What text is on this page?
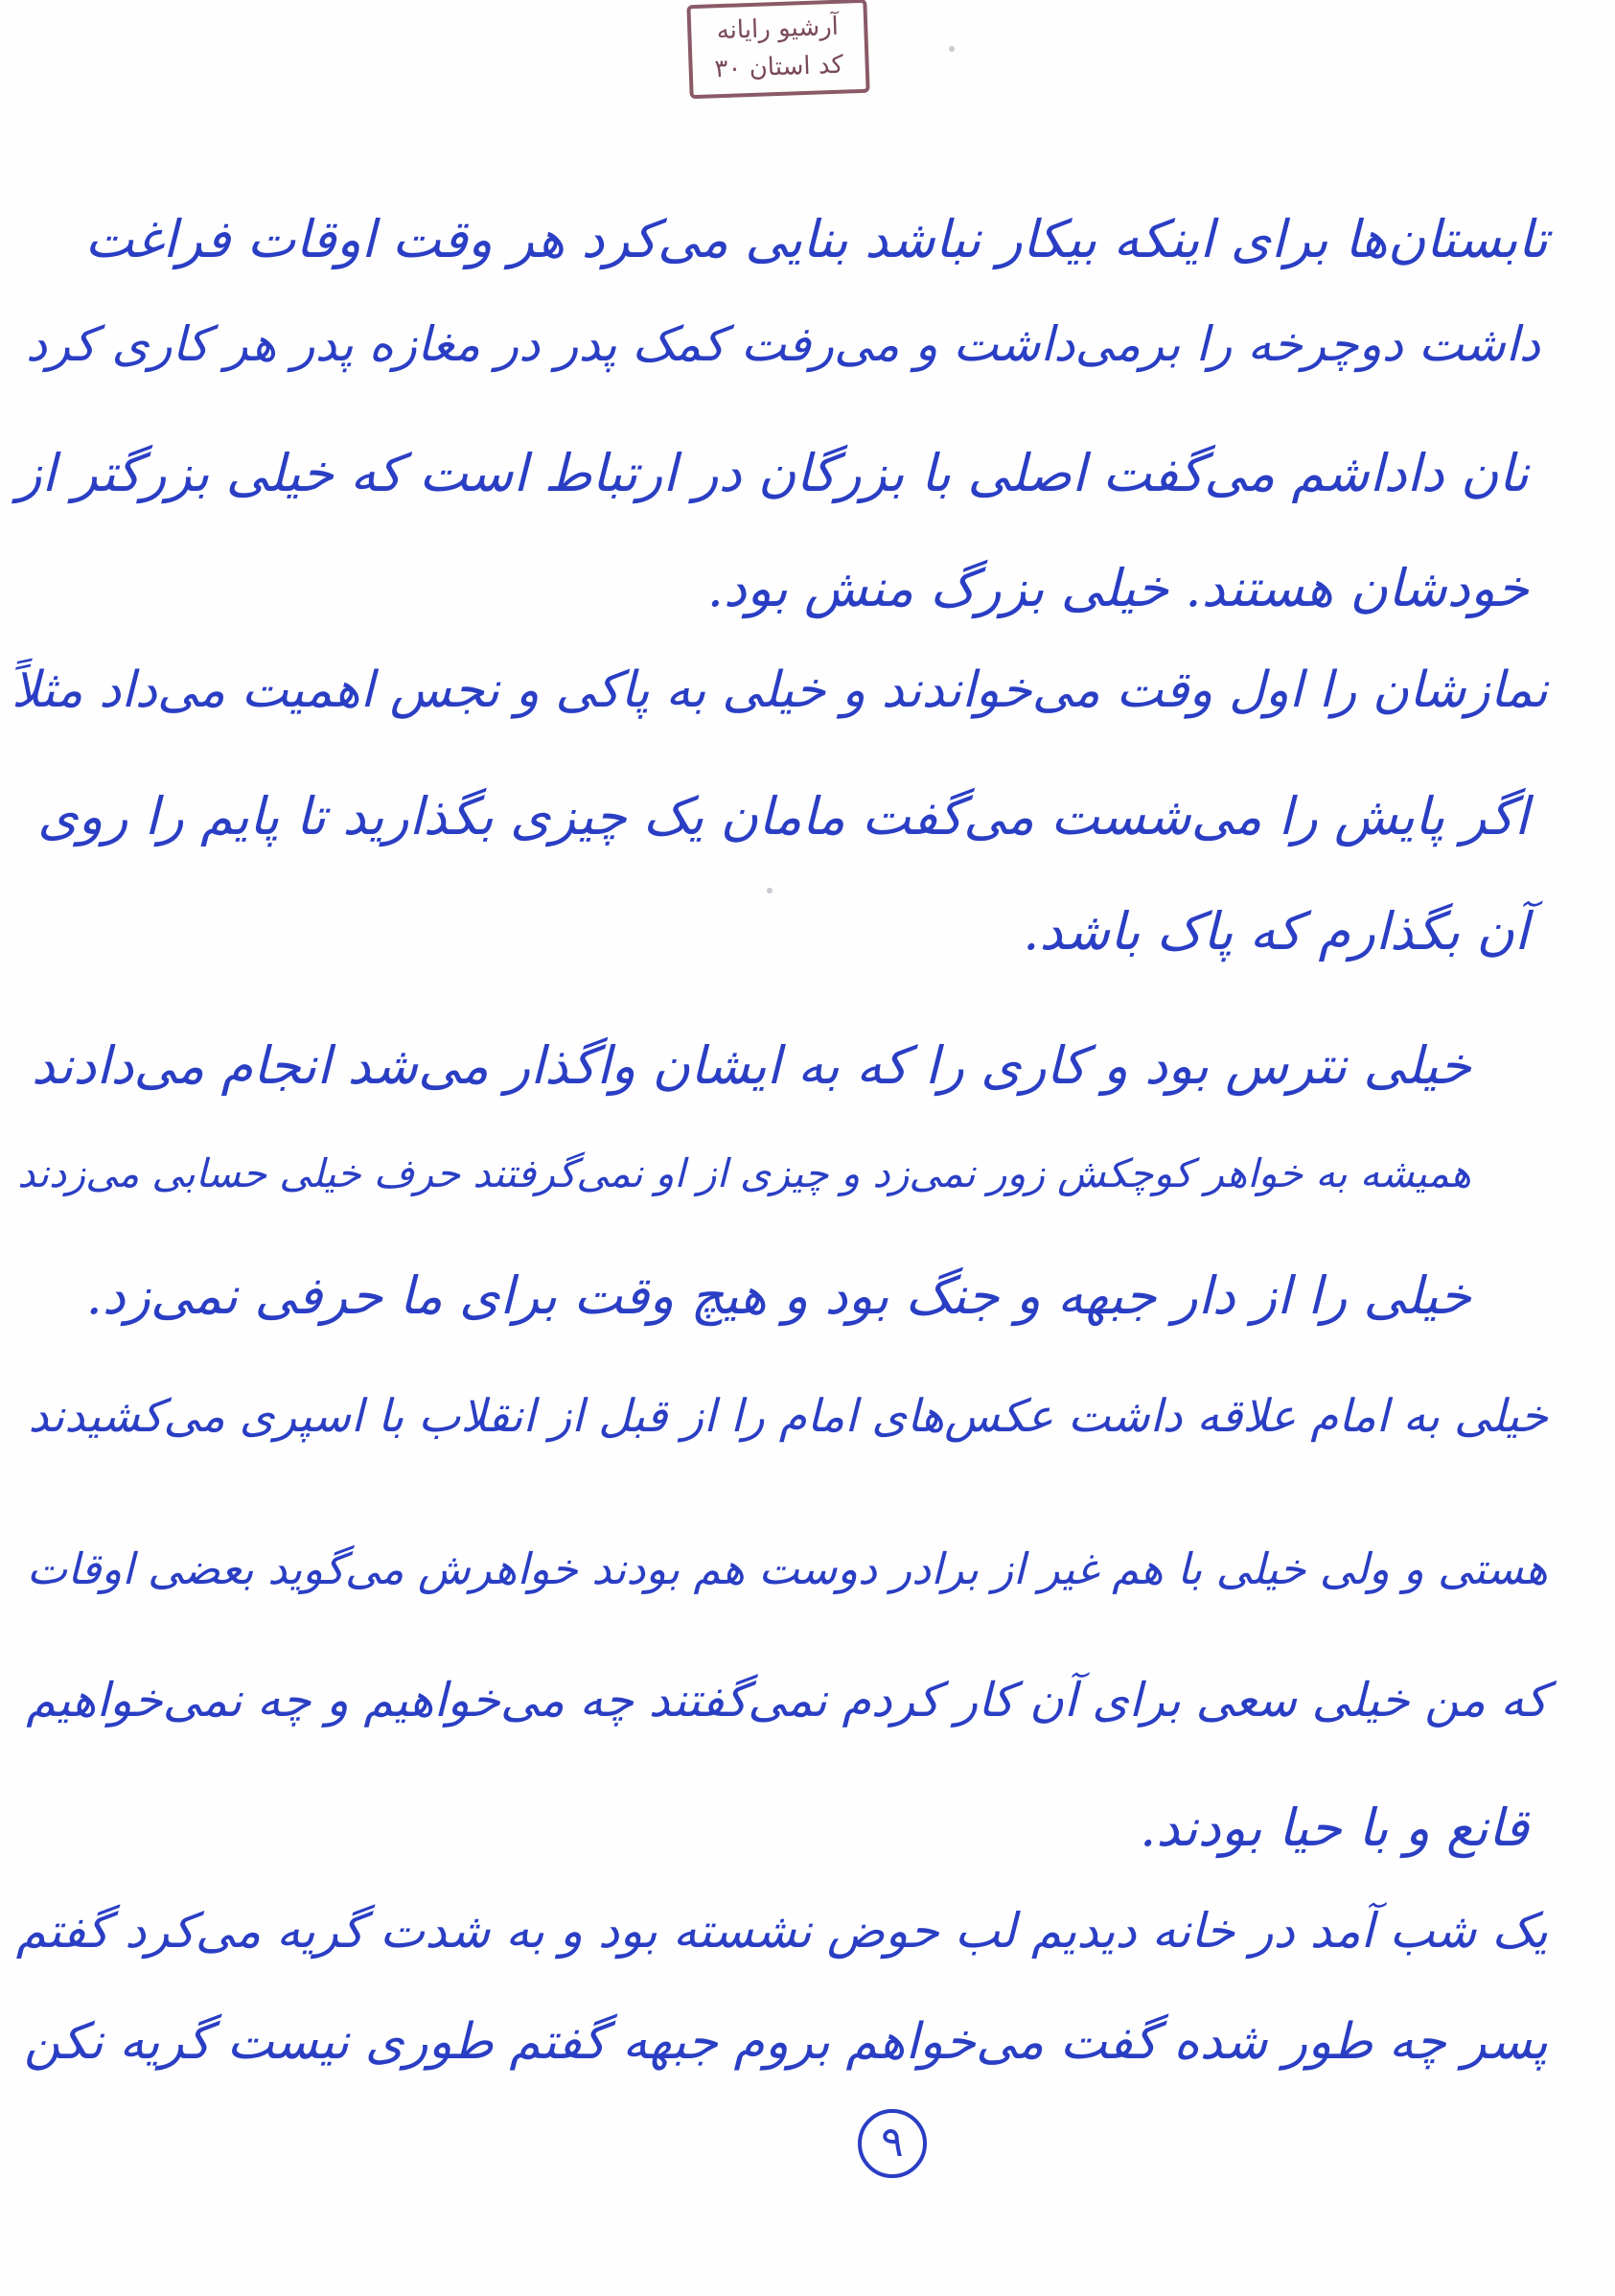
آرشیو رایانه
کد استان ۳۰
تابستان‌ها برای اینکه بیکار نباشد بنایی می‌کرد هر وقت اوقات فراغت
داشت دوچرخه را برمی‌داشت و می‌رفت کمک پدر در مغازه پدر هر کاری کرد
نان داداشم می‌گفت اصلی با بزرگان در ارتباط است که خیلی بزرگتر از
خودشان هستند. خیلی بزرگ منش بود.
نمازشان را اول وقت می‌خواندند و خیلی به پاکی و نجس اهمیت می‌داد مثلاً
اگر پایش را می‌شست می‌گفت مامان یک چیزی بگذارید تا پایم را روی
آن بگذارم که پاک باشد.
خیلی نترس بود و کاری را که به ایشان واگذار می‌شد انجام می‌دادند
همیشه به خواهر کوچکش زور نمی‌زد و چیزی از او نمی‌گرفتند حرف خیلی حسابی می‌زدند
خیلی را از دار جبهه و جنگ بود و هیچ وقت برای ما حرفی نمی‌زد.
خیلی به امام علاقه داشت عکس‌های امام را از قبل از انقلاب با اسپری می‌کشیدند
هستی و ولی خیلی با هم غیر از برادر دوست هم بودند خواهرش می‌گوید بعضی اوقات
که من خیلی سعی برای آن کار کردم نمی‌گفتند چه می‌خواهیم و چه نمی‌خواهیم
قانع و با حیا بودند.
یک شب آمد در خانه دیدیم لب حوض نشسته بود و به شدت گریه می‌کرد گفتم
پسر چه طور شده گفت می‌خواهم بروم جبهه گفتم طوری نیست گریه نکن
۹
